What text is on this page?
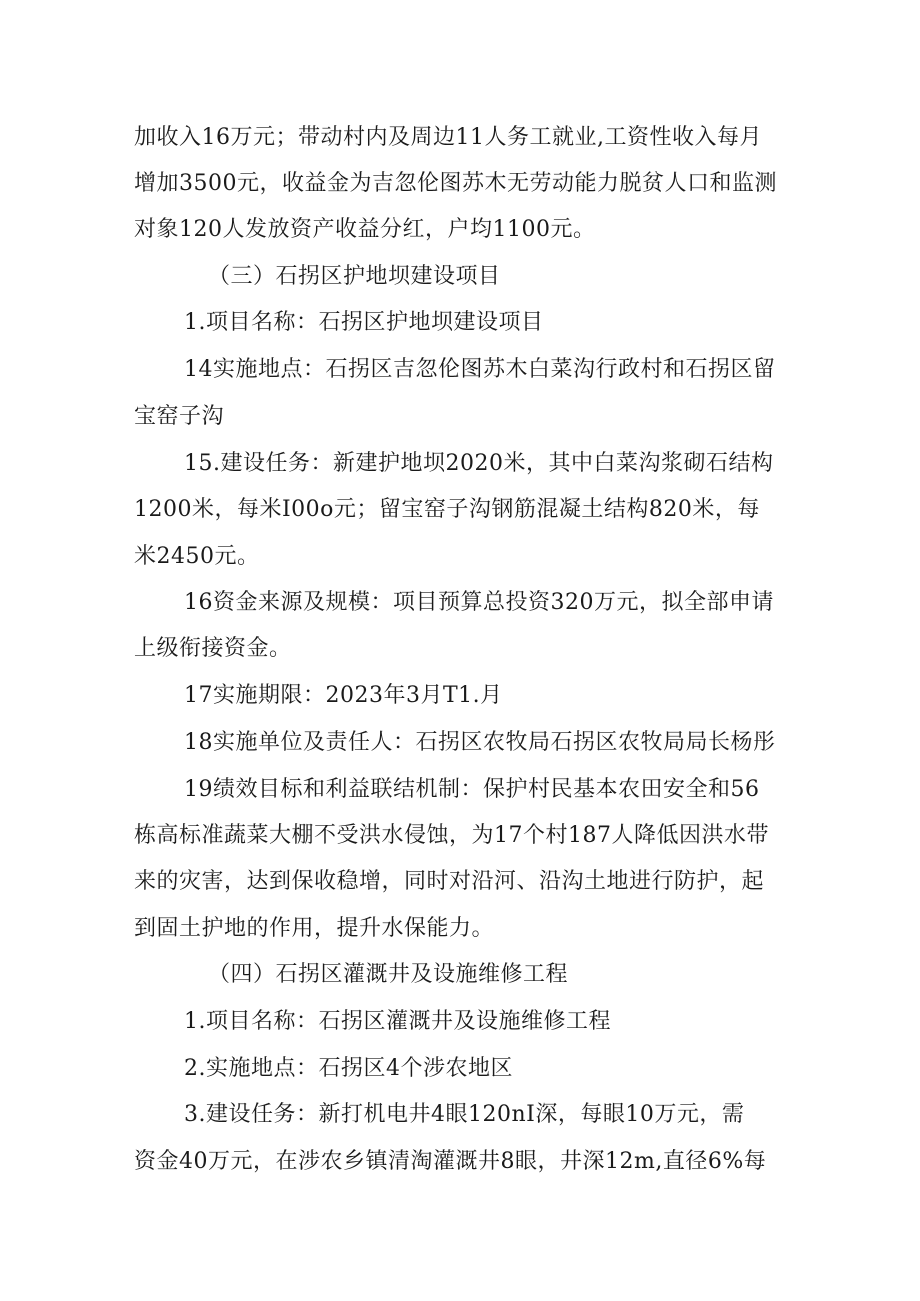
加收入16万元；带动村内及周边11人务工就业,工资性收入每月
增加3500元，收益金为吉忽伦图苏木无劳动能力脱贫人口和监测
对象120人发放资产收益分红，户均1100元。
（三）石拐区护地坝建设项目
1.项目名称：石拐区护地坝建设项目
14实施地点：石拐区吉忽伦图苏木白菜沟行政村和石拐区留
宝窑子沟
15.建设任务：新建护地坝2020米，其中白菜沟浆砌石结构
1200米，每米I00o元；留宝窑子沟钢筋混凝土结构820米，每
米2450元。
16资金来源及规模：项目预算总投资320万元，拟全部申请
上级衔接资金。
17实施期限：2023年3月T1.月
18实施单位及责任人：石拐区农牧局石拐区农牧局局长杨彤
19绩效目标和利益联结机制：保护村民基本农田安全和56
栋高标准蔬菜大棚不受洪水侵蚀，为17个村187人降低因洪水带
来的灾害，达到保收稳增，同时对沿河、沿沟土地进行防护，起
到固土护地的作用，提升水保能力。
（四）石拐区灌溉井及设施维修工程
1.项目名称：石拐区灌溉井及设施维修工程
2.实施地点：石拐区4个涉农地区
3.建设任务：新打机电井4眼120nI深，每眼10万元，需
资金40万元，在涉农乡镇清淘灌溉井8眼，井深12m,直径6%每
